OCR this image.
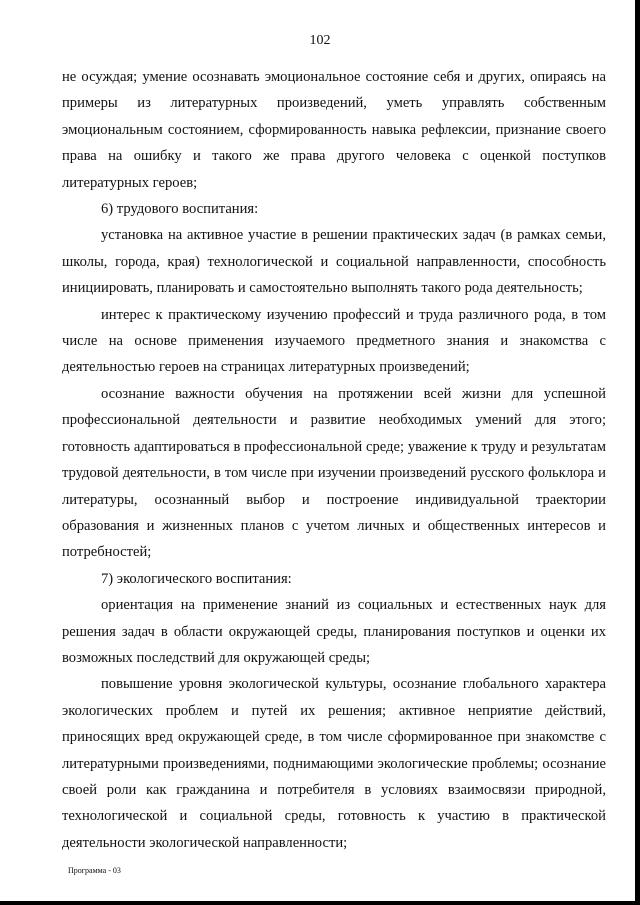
102

не осуждая; умение осознавать эмоциональное состояние себя и других, опираясь на примеры из литературных произведений, уметь управлять собственным эмоциональным состоянием, сформированность навыка рефлексии, признание своего права на ошибку и такого же права другого человека с оценкой поступков литературных героев;

6) трудового воспитания:

установка на активное участие в решении практических задач (в рамках семьи, школы, города, края) технологической и социальной направленности, способность инициировать, планировать и самостоятельно выполнять такого рода деятельность;

интерес к практическому изучению профессий и труда различного рода, в том числе на основе применения изучаемого предметного знания и знакомства с деятельностью героев на страницах литературных произведений;

осознание важности обучения на протяжении всей жизни для успешной профессиональной деятельности и развитие необходимых умений для этого; готовность адаптироваться в профессиональной среде; уважение к труду и результатам трудовой деятельности, в том числе при изучении произведений русского фольклора и литературы, осознанный выбор и построение индивидуальной траектории образования и жизненных планов с учетом личных и общественных интересов и потребностей;

7) экологического воспитания:

ориентация на применение знаний из социальных и естественных наук для решения задач в области окружающей среды, планирования поступков и оценки их возможных последствий для окружающей среды;

повышение уровня экологической культуры, осознание глобального характера экологических проблем и путей их решения; активное неприятие действий, приносящих вред окружающей среде, в том числе сформированное при знакомстве с литературными произведениями, поднимающими экологические проблемы; осознание своей роли как гражданина и потребителя в условиях взаимосвязи природной, технологической и социальной среды, готовность к участию в практической деятельности экологической направленности;

Программа - 03
